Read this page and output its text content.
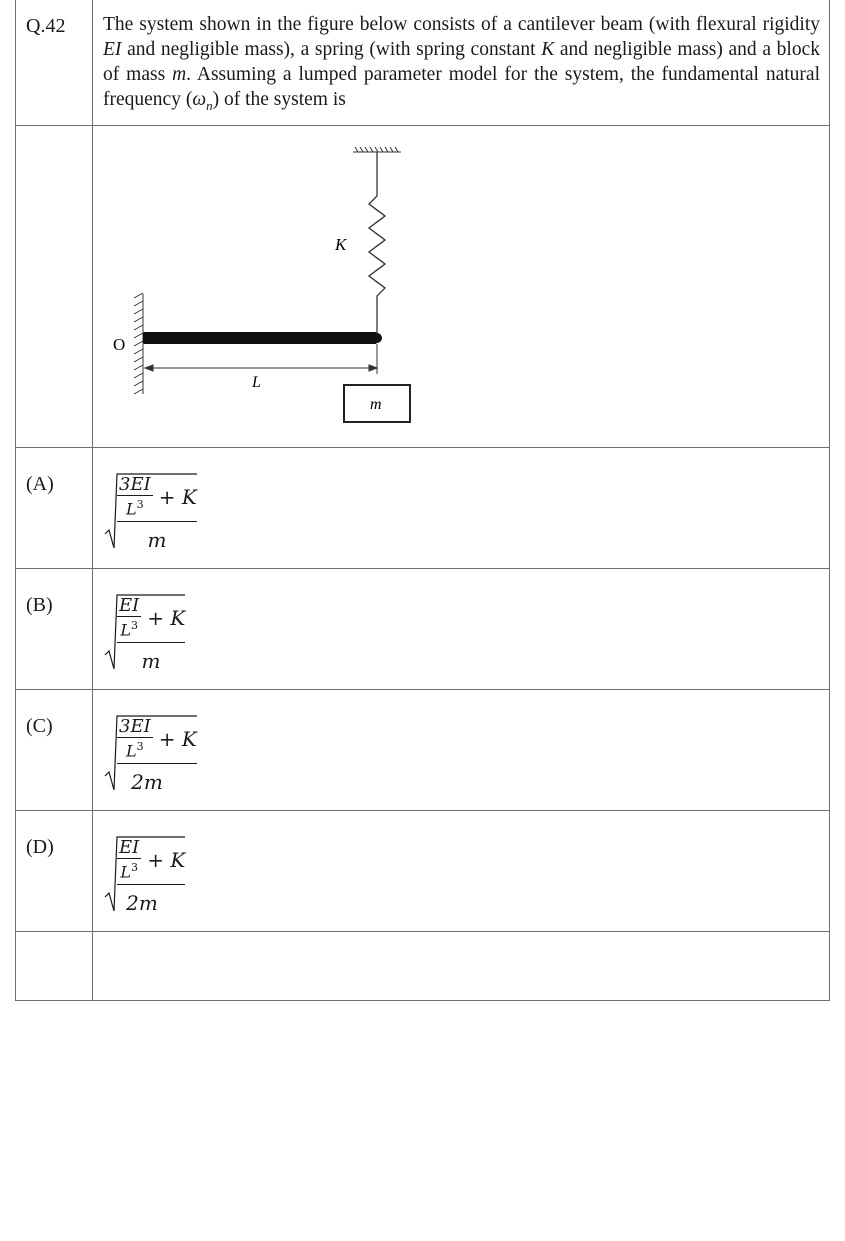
Q.42	The system shown in the figure below consists of a cantilever beam (with flexural rigidity EI and negligible mass), a spring (with spring constant K and negligible mass) and a block of mass m. Assuming a lumped parameter model for the system, the fundamental natural frequency $(\omega_n)$ of the system is

K
O
L
m

(A)	$\frac{3EI}{L^3} + K$
m

(B)	$\frac{\frac{EI}{L^3} + K}{m}$

(C)	$\frac{3EI}{L^3} + K$
2m

(D)	$\frac{\frac{EI}{L^3} + K}{2m}$
